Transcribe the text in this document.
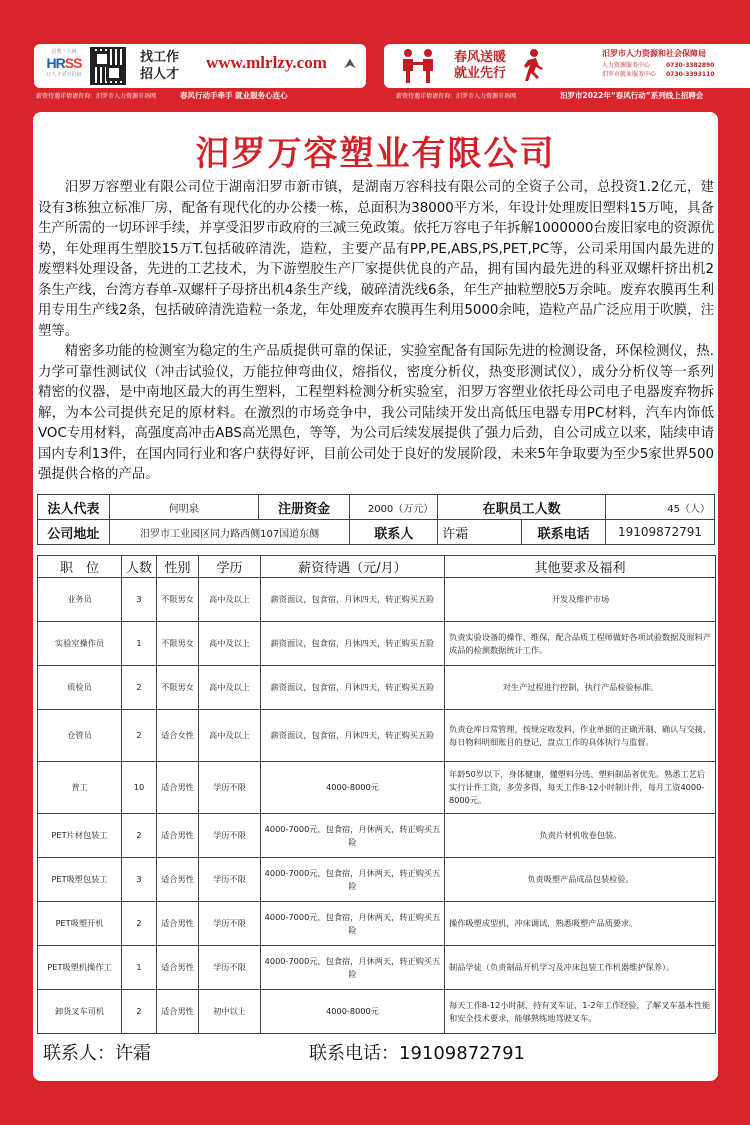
招聘一人网
HRSS
让人才更有价值
找工作
招人才
www.mlrlzy.com ⮝
薪资待遇详情请咨询：汨罗市人力资源市场网	春风行动手牵手 就业服务心连心
春风送暖
就业先行
汨罗市人力资源和社会保障局
人力资源服务中心	0730-3382890
汨罗市就业服务中心 0730-3393110
薪资待遇详情请咨询：汨罗市人力资源市场网	汨罗市2022年“春风行动”系列线上招聘会
汨罗万容塑业有限公司

汨罗万容塑业有限公司位于湖南汨罗市新市镇，是湖南万容科技有限公司的全资子公司，总投资1.2亿元，建设有3栋独立标准厂房，配备有现代化的办公楼一栋，总面积为38000平方米，年设计处理废旧塑料15万吨，具备生产所需的一切环评手续，并享受汨罗市政府的三减三免政策。依托万容电子年拆解1000000台废旧家电的资源优势，年处理再生塑胶15万T.包括破碎清洗，造粒，主要产品有PP,PE,ABS,PS,PET,PC等，公司采用国内最先进的废塑料处理设备，先进的工艺技术，为下游塑胶生产厂家提供优良的产品，拥有国内最先进的科亚双螺杆挤出机2条生产线，台湾方春单-双螺杆子母挤出机4条生产线，破碎清洗线6条，年生产抽粒塑胶5万余吨。废弃农膜再生利用专用生产线2条，包括破碎清洗造粒一条龙，年处理废弃农膜再生利用5000余吨，造粒产品广泛应用于吹膜，注塑等。

精密多功能的检测室为稳定的生产品质提供可靠的保证，实验室配备有国际先进的检测设备，环保检测仪，热.力学可靠性测试仪（冲击试验仪，万能拉伸弯曲仪，熔指仪，密度分析仪，热变形测试仪），成分分析仪等一系列精密的仪器，是中南地区最大的再生塑料，工程塑料检测分析实验室，汨罗万容塑业依托母公司电子电器废弃物拆解，为本公司提供充足的原材料。在激烈的市场竞争中，我公司陆续开发出高低压电器专用PC材料，汽车内饰低VOC专用材料，高强度高冲击ABS高光黑色，等等，为公司后续发展提供了强力后劲，自公司成立以来，陆续申请国内专利13件，在国内同行业和客户获得好评，目前公司处于良好的发展阶段，未来5年争取要为至少5家世界500强提供合格的产品。

法人代表	何明泉	注册资金	2000（万元）	在职员工人数		45（人）
公司地址	汨罗市工业园区同力路西侧107国道东侧		联系人	许霜	联系电话	19109872791
职　位	人数	性别	学历	薪资待遇（元/月）	其他要求及福利
业务员	3	不限男女	高中及以上	薪资面议，包食宿，月休四天，转正购买五险	开发及维护市场
实验室操作员	1	不限男女	高中及以上	薪资面议，包食宿，月休四天，转正购买五险	负责实验设备的操作、维保，配合品质工程师做好各项试验数据及原料产成品的检测数据统计工作。
质检员	2	不限男女	高中及以上	薪资面议，包食宿，月休四天，转正购买五险	对生产过程进行控制，执行产品检验标准。
仓管员	2	适合女性	高中及以上	薪资面议，包食宿，月休四天，转正购买五险	负责仓库日常管理，按规定收发料，作业单据的正确开制、确认与交接，每日物料明细账目的登记，盘点工作的具体执行与监督。
普工	10	适合男性	学历不限	4000-8000元	年龄50岁以下，身体健康，懂塑料分选、塑料制品者优先。熟悉工艺后实行计件工资，多劳多得，每天工作8-12小时制计件，每月工资4000-8000元。
PET片材包装工	2	适合男性	学历不限	4000-7000元，包食宿，月休两天，转正购买五险	负责片材机收卷包装。
PET吸塑包装工	3	适合男性	学历不限	4000-7000元，包食宿，月休两天，转正购买五险	负责吸塑产品成品包装检验。
PET吸塑开机	2	适合男性	学历不限	4000-7000元，包食宿，月休两天，转正购买五险	操作吸塑成型机，冲床调试，熟悉吸塑产品质要求。
PET吸塑机操作工	1	适合男性	学历不限	4000-7000元，包食宿，月休两天，转正购买五险	制品学徒（负责制品开机学习及冲床包装工作机器维护保养）。
卸货叉车司机	2	适合男性	初中以上	4000-8000元	每天工作8-12小时制，持有叉车证，1-2年工作经验，了解叉车基本性能和安全技术要求，能够熟练地驾驶叉车。
联系人：许霜	联系电话：19109872791
